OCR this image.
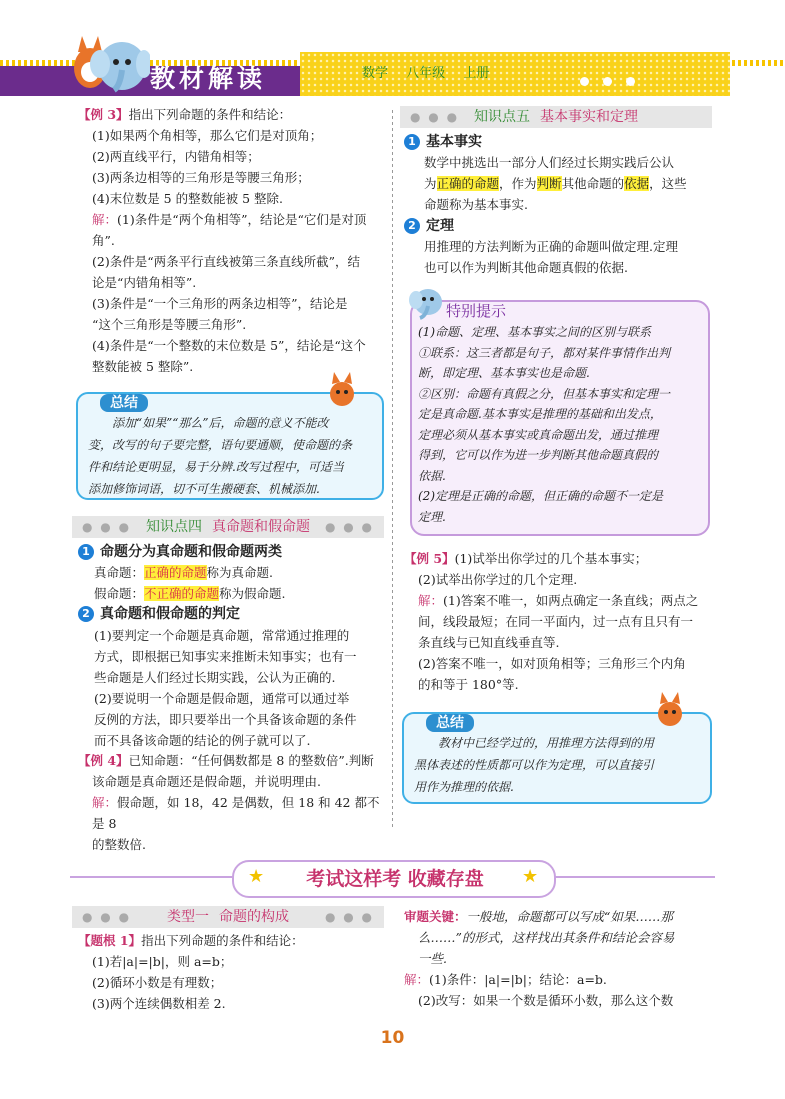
教材解读	数学 八年级 上册

【例 3】指出下列命题的条件和结论：

(1)如果两个角相等，那么它们是对顶角；

(2)两直线平行，内错角相等；

(3)两条边相等的三角形是等腰三角形；

(4)末位数是 5 的整数能被 5 整除.

解：(1)条件是“两个角相等”，结论是“它们是对顶

角”.

(2)条件是“两条平行直线被第三条直线所截”，结

论是“内错角相等”.

(3)条件是“一个三角形的两条边相等”，结论是

“这个三角形是等腰三角形”.

(4)条件是“一个整数的末位数是 5”，结论是“这个

整数能被 5 整除”.

总结

添加“如果”“那么”后，命题的意义不能改

变，改写的句子要完整，语句要通顺，使命题的条

件和结论更明显，易于分辨.改写过程中，可适当

添加修饰词语，切不可生搬硬套、机械添加.

● ● ● 知识点四 真命题和假命题 ● ● ●
1 命题分为真命题和假命题两类

真命题：正确的命题称为真命题.

假命题：不正确的命题称为假命题.

2 真命题和假命题的判定

(1)要判定一个命题是真命题，常常通过推理的

方式，即根据已知事实来推断未知事实；也有一

些命题是人们经过长期实践，公认为正确的.

(2)要说明一个命题是假命题，通常可以通过举

反例的方法，即只要举出一个具备该命题的条件

而不具备该命题的结论的例子就可以了.

【例 4】已知命题：“任何偶数都是 8 的整数倍”.判断

该命题是真命题还是假命题，并说明理由.

解：假命题，如 18，42 是偶数，但 18 和 42 都不是 8

的整数倍.

● ● ● 知识点五 基本事实和定理
1 基本事实

数学中挑选出一部分人们经过长期实践后公认

为正确的命题，作为判断其他命题的依据，这些

命题称为基本事实.

2 定理

用推理的方法判断为正确的命题叫做定理.定理

也可以作为判断其他命题真假的依据.

特别提示

(1)命题、定理、基本事实之间的区别与联系

①联系：这三者都是句子，都对某件事情作出判

断，即定理、基本事实也是命题.

②区别：命题有真假之分，但基本事实和定理一

定是真命题.基本事实是推理的基础和出发点，

定理必须从基本事实或真命题出发，通过推理

得到，它可以作为进一步判断其他命题真假的

依据.

(2)定理是正确的命题，但正确的命题不一定是

定理.

【例 5】(1)试举出你学过的几个基本事实；

(2)试举出你学过的几个定理.

解：(1)答案不唯一，如两点确定一条直线；两点之

间，线段最短；在同一平面内，过一点有且只有一

条直线与已知直线垂直等.

(2)答案不唯一，如对顶角相等；三角形三个内角

的和等于 180°等.

总结

教材中已经学过的，用推理方法得到的用

黑体表述的性质都可以作为定理，可以直接引

用作为推理的依据.

★	★
考试这样考 收藏存盘
● ● ●	类型一 命题的构成	● ● ●

【题根 1】指出下列命题的条件和结论：

(1)若|a|=|b|，则 a=b；

(2)循环小数是有理数；

(3)两个连续偶数相差 2.

审题关键：一般地，命题都可以写成“如果……那

么……”的形式，这样找出其条件和结论会容易

一些.

解：(1)条件：|a|=|b|；结论：a=b.

(2)改写：如果一个数是循环小数，那么这个数

10
